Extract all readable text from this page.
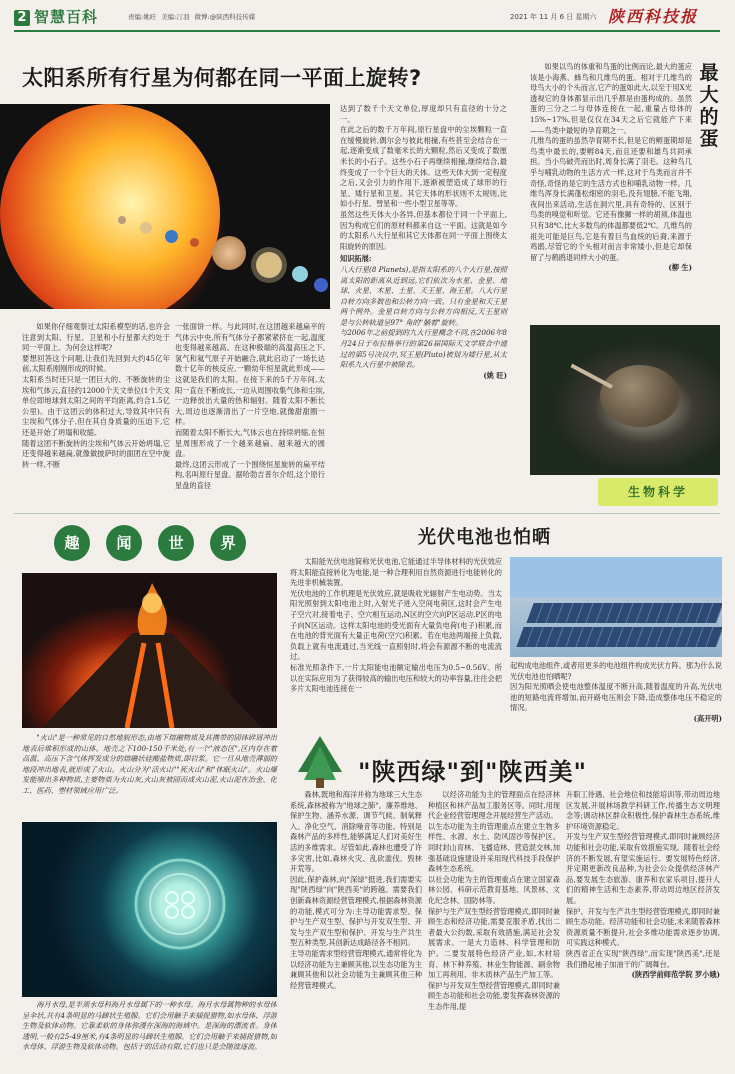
2 智慧百科	责编:姚旺 美编:汀羽 微博:@陕西科技传媒	2021 年 11 月 6 日 星期六 陕西科技报
太阳系所有行星为何都在同一平面上旋转?
如果你仔细观察过太阳系模型的话,也许会注意到太阳、行星、卫星和小行星都大约处于同一平面上。为何会这样呢?
要想回答这个问题,让我们先回到大约45亿年前,太阳系刚刚形成的时候。
太阳系当时还只是一团巨大的、不断旋转的尘埃和气体云,直径约12000个天文单位(1个天文单位即地球到太阳之间的平均距离,约合1.5亿公里)。由于这团云的体积过大,导致其中只有尘埃和气体分子,但在其自身质量的压迫下,它还是开始了坍塌和收缩。
随着这团不断旋转的尘埃和气体云开始坍塌,它还变得越来越扁,就像做披萨时的面团在空中旋转一样,不断
一张面饼一样。与此同时,在这团越来越扁平的气体云中央,所有气体分子都紧紧挤在一起,温度也变得越来越高。在这种极端的高温高压之下,氢气和氦气原子开始融合,就此启动了一场长达数十亿年的核反应,一颗幼年恒星就此形成——这就是我们的太阳。在接下来的5千万年间,太阳一直在不断成长,一边从周围收集气体和尘埃,一边释放出大量的热和辐射。随着太阳不断长大,周边也逐渐清出了一片空地,就像甜甜圈一样。
而随着太阳不断长大,气体云也在持续坍缩,在恒星周围形成了一个越来越扁、越来越大的圆盘。
最终,这团云形成了一个围绕恒星旋转的扁平结构,名叫原行星盘。据哈勃吉普尔介绍,这个原行星盘的直径
达到了数千个天文单位,厚度却只有直径的十分之一。
在此之后的数千万年间,原行星盘中的尘埃颗粒一直在缓慢旋转,偶尔会与彼此相撞,有些甚至会结合在一起,逐渐变成了数毫米长的大颗粒,然后又变成了数厘米长的小石子。这些小石子再继续相撞,继续结合,最终变成了一个个巨大的天体。这些天体大到一定程度之后,又会引力的作用下,逐渐被塑造成了球形的行星、矮行星和卫星。其它天体的形状则不太规则,比如小行星、彗星和一些小型卫星等等。
虽然这些天体大小各异,但基本都位于同一个平面上,因为构成它们的原材料都来自这一平面。这就是如今的太阳系八大行星和其它天体都在同一平面上围绕太阳旋转的原因。
知识拓展:
八大行星(8 Planets),是指太阳系的八个大行星,按照离太阳的距离从近到远,它们依次为水星、金星、地球、火星、木星、土星、天王星、海王星。八大行星自转方向多数也和公转方向一致。只有金星和天王星两个例外。金星自转方向与公转方向相反,天王星则是与公转轨道呈97° 角的"躺着"旋转。
与2006年之前提到的九大行星概念不同,在2006年8月24日于布拉格举行的第26届国际天文学联合中通过的第5号决议中,冥王星(Pluto)被划为矮行星,从太阳系九大行星中被除名。
(姚 旺)
如果以鸟的体重和鸟蛋的比例而论,最大的蛋应该是小海燕、蜂鸟和几维鸟的蛋。相对于几维鸟的母鸟大小的个头而言,它产的蛋如此大,以至于用X光透视它的身体都显示出几乎都是由蛋构成的。虽然蛋的三分之二与母体连接在一起,重量占母体的15%~17%,但是仅仅在34天之后它就能产下来——鸟类中最短的孕育期之一。
几维鸟的蛋的虽然孕育期不长,但是它的孵蛋期却是鸟类中最长的,要孵84天,而且还要和雄鸟共同承担。当小鸟破壳而出时,周身长满了羽毛。这种鸟几乎与哺乳动物的生活方式一样,这对于鸟类而言并不奇怪,奇怪的是它的生活方式也和哺乳动物一样。几维鸟浑身长满蓬松细密的羽毛,没有翅膀,不能飞翔,夜间出来活动,生活在洞穴里,具有奇特的、区别于鸟类的嗅觉和听觉。它还有像狮一样的胡须,体温也只有38℃,比大多数鸟的体温都要低2℃。几维鸟的祖先可能是巨鸟,它是有着巨鸟血统的后裔,来源于鸡鹃,尽管它的个头相对而言非常矮小,但是它却保留了与鹤鸥退同样大小的蛋。
(柳 生)
最大的蛋
生物科学
趣	闻	世	界
"火山"是一种常见的自然地貌形态,由地下熔融物质及其携带的固体碎屑冲出地表后堆积形成的山体。地壳之下100-150千米处,有一个"液态区",区内存在着高温、高压下含气体挥发成分的熔融状硅酸盐物质,即岩浆。它一旦从地壳薄弱的地段冲出地表,就形成了火山。火山分为"活火山""死火山"和"休眠火山"。火山爆发能喷出多种物质,主要物质为火山灰,火山灰被固而成火山泥,火山泥在冶金、化工、医药、塑材领域应用广泛。
海月水母,是半须水母科海月水母属下的一种水母。海月水母属物种的水母体呈伞状,共有4条明显的马蹄状生殖腺。它们会用触手来捕捉猎物,如水母体、浮游生物及软体动物。它靠柔软的身体弥漫在深海的海域中。是深海的漂流者。身体透明,一般有25-49厘米,有4条明显的马蹄状生殖腺。它们会用触手来捕捉猎物,如水母体、浮游生物及软体动物。包括于的活动有限,它们也只是会随波逐流。
光伏电池也怕晒
太阳能光伏电池简称光伏电池,它能通过半导体材料的光伏效应将太阳能直接转化为电能,是一种合理利用自然资源进行电能转化的先进非机械装置。
光伏电池的工作机理是光伏效应,就是吸收光辐射产生电动势。当太阳光照射到太阳电池上时,入射光子进入空间电荷区,这时会产生电子空穴对,接着电子、空穴相互运动,N区的空穴向P区运动,P区的电子向N区运动。这样太阳电池的受光面有大量负电荷(电子)积累,而在电池的背光面有大量正电荷(空穴)积累。若在电池两端接上负载,负载上就有电流通过,当光线一直照射时,将会有源源不断的电流流过。
标准光照条件下,一片太阳能电池额定输出电压为0.5~0.56V。所以在实际应用为了获得较高的输出电压和较大的功率容量,往往会把多片太阳电池连接在一
起构成电池组件,或者用更多的电池组件构成光伏方阵。那为什么说光伏电池也怕晒呢?
因为阳光照晒会使电池整体温度不断升高,随着温度的升高,光伏电池的短路电流将增加,而开路电压则会下降,造成整体电压不稳定的情况。
(高开明)
"陕西绿"到"陕西美"
森林,既地和海洋并称为地球三大生态系统,森林被称为"地球之肺"。廉养维地、保护生物、涵养水源、调节气候、制氧释入、净化空气、消除噪音等功能。特别是森林产品的多样性,能够满足人们对美好生活的多维需求。尽管如此,森林也遭受了许多灾害,比如,森林火灾、乱砍滥伐、毁林开荒等。
因此,保护森林,向"深绿"挺进,我们需要实现"陕西绿"向"陕西美"的跨越。需要我们创新森林资源经营管理模式,根据森林资源的功能,模式可分为:主导功能需求型、保护与生产双生型、保护与开发双生型、开发与生产双生型和保护、开发与生产共生型五种类型,其创新达成路径各不相同。
主导功能需求型经营管理模式,通常将化为以经济功能为主兼顾其他,以生态功能为主兼顾其他和以社会功能为主兼顾其他三种经营管理模式。
以经济功能为主的管理面点在经济林种植区和林产品加工服务区等。同时,用现代企业经营管理理念开展经营生产活动。
以生态功能为主的管理重点在建立生物多样性、水源、水土、防风固沙等保护区。同时封山育林、飞播造林、营造混交林,加强基础设施建设并采用现代科技手段保护森林生态系统。
以社会功能为主的管理重点在建立国家森林公园、科研示范教育基地、风景林、文化纪念林、国防林等。
保护与生产双生型经营管理模式,即同时兼顾生态和经济功能,需要克服矛盾,找出二者最大公约数,采取有效措施,满足社会发展需求。一是大力造林、科学管理和防护。二要发展特色经济产业,如,木材培育、林下种养殖、林业生物能源、刷余物加工再利用、非木质林产品生产加工等。
保护与开发双生型经营管理模式,即同时兼顾生态功能和社会功能,要发挥森林资源的生态作用,提
升职工待遇、社会地位和技能培训等,带动周边地区发展,开展林场教学科研工作,传播生态文明理念等;调动林区群众积极性,保护森林生态系统,维护环境资源稳定。
开发与生产双生型经营管理模式,即同时兼顾经济功能和社会功能,采取有效措施实现。随着社会经济的不断发展,有望实施运行。要发展特色经济,并定期更新改良品种,为社会公众提供经济林产品,要发展生态旅游、康养和农家乐项目,提升人们的精神生活和生态素养,带动周边地区经济发展。
保护、开发与生产共生型经营管理模式,即同时兼顾生态功能、经济功能和社会功能,未来随着森林资源质量不断提升,社会多维功能需求逐步协调,可实践这种模式。
陕西省正在实现"陕西绿",而实现"陕西美",还是我们撸起袖子加油干的广阔舞台。
(陕西学前师范学院 罗小娥)
